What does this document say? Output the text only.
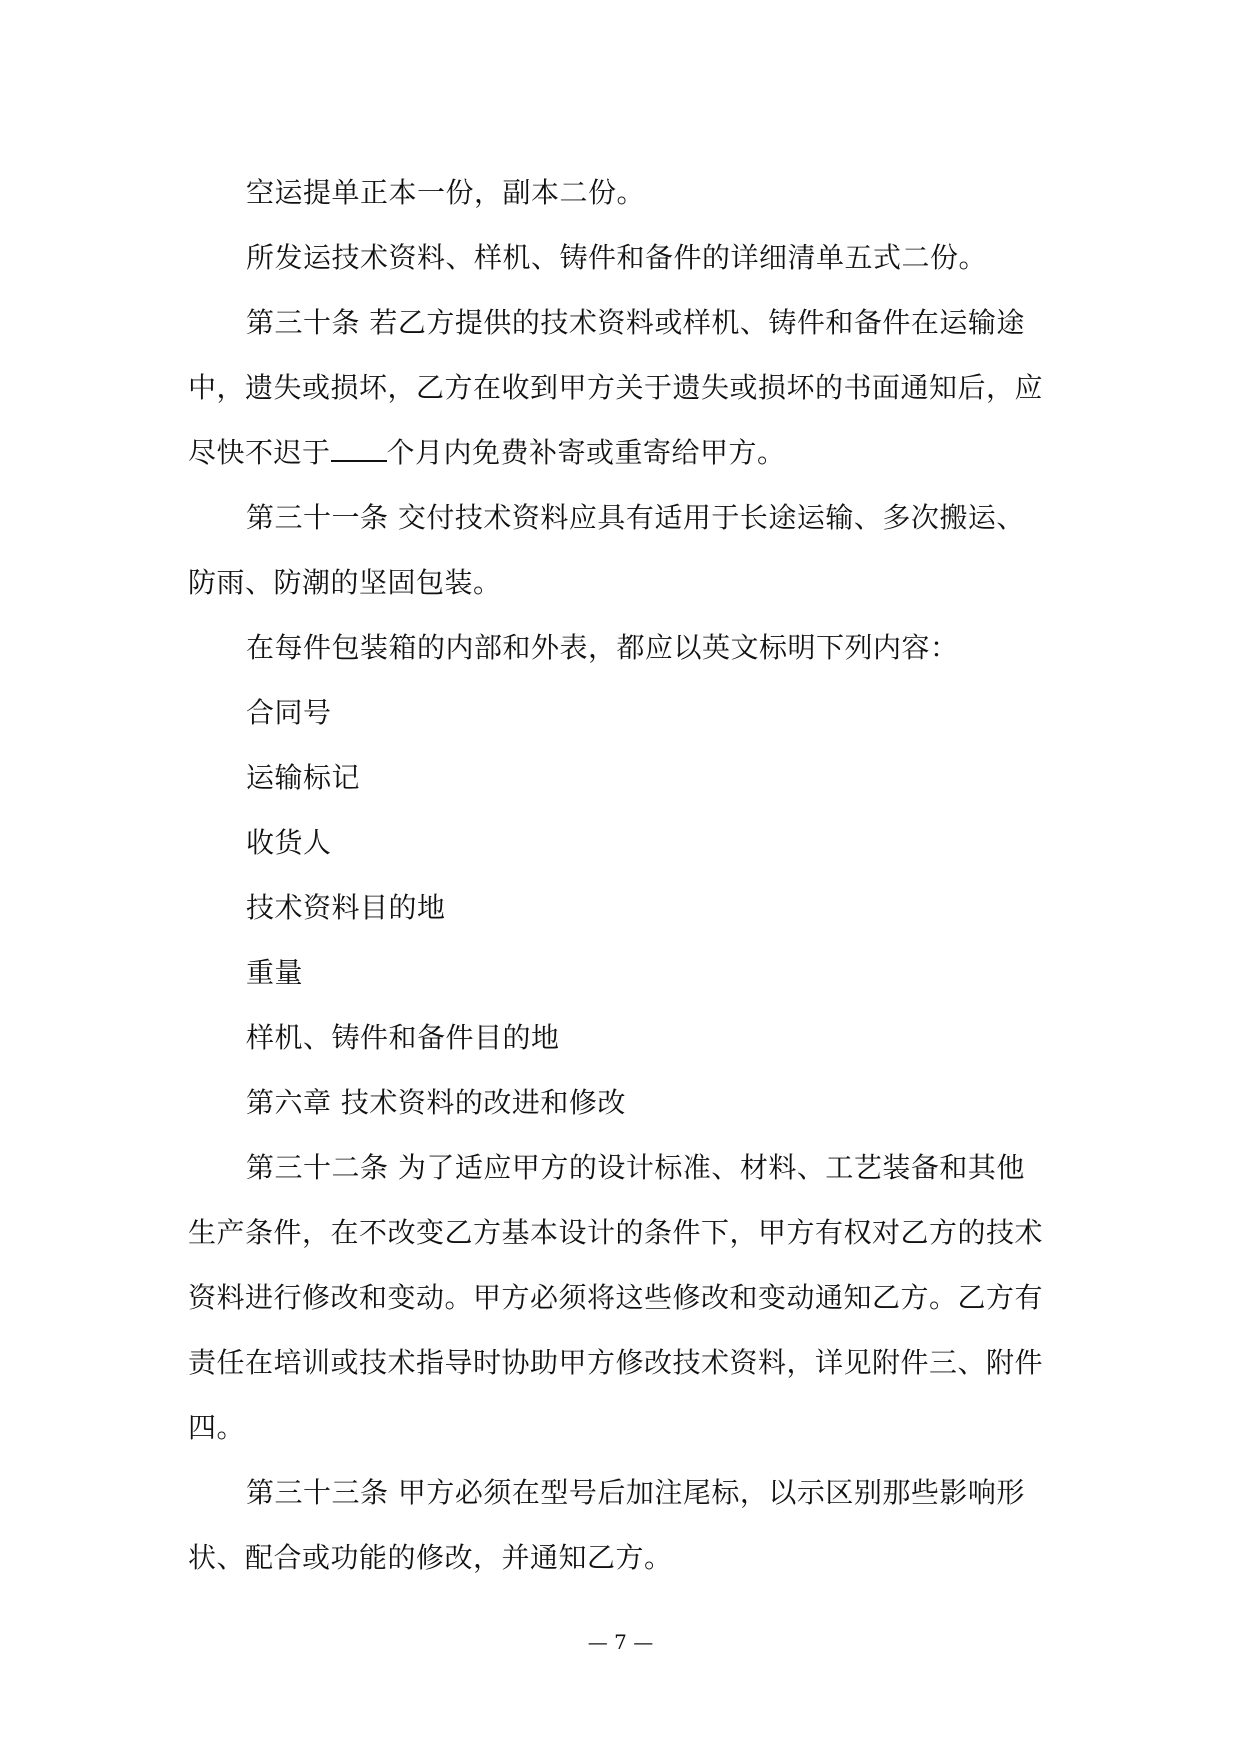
空运提单正本一份，副本二份。

所发运技术资料、样机、铸件和备件的详细清单五式二份。

第三十条 若乙方提供的技术资料或样机、铸件和备件在运输途中，遗失或损坏，乙方在收到甲方关于遗失或损坏的书面通知后，应尽快不迟于 个月内免费补寄或重寄给甲方。

第三十一条 交付技术资料应具有适用于长途运输、多次搬运、防雨、防潮的坚固包装。

在每件包装箱的内部和外表，都应以英文标明下列内容：

合同号

运输标记

收货人

技术资料目的地

重量

样机、铸件和备件目的地

第六章 技术资料的改进和修改

第三十二条 为了适应甲方的设计标准、材料、工艺装备和其他生产条件，在不改变乙方基本设计的条件下，甲方有权对乙方的技术资料进行修改和变动。甲方必须将这些修改和变动通知乙方。乙方有责任在培训或技术指导时协助甲方修改技术资料，详见附件三、附件四。

第三十三条 甲方必须在型号后加注尾标，以示区别那些影响形状、配合或功能的修改，并通知乙方。

— 7 —
